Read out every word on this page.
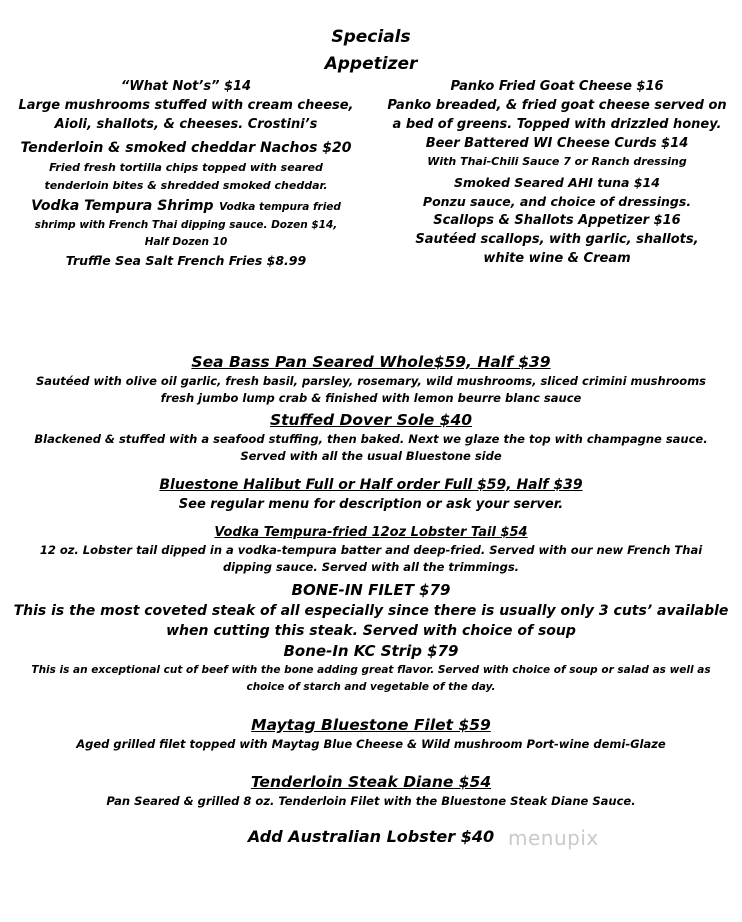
Specials
Appetizer
“What Not’s” $14
Large mushrooms stuffed with cream cheese,
Aioli, shallots, & cheeses. Crostini’s
Tenderloin & smoked cheddar Nachos $20
Fried fresh tortilla chips topped with seared
tenderloin bites & shredded smoked cheddar.
Vodka Tempura Shrimp Vodka tempura fried
shrimp with French Thai dipping sauce. Dozen $14,
Half Dozen 10
Truffle Sea Salt French Fries $8.99
Panko Fried Goat Cheese $16
Panko breaded, & fried goat cheese served on
a bed of greens. Topped with drizzled honey.
Beer Battered WI Cheese Curds $14
With Thai-Chili Sauce 7 or Ranch dressing
Smoked Seared AHI tuna $14
Ponzu sauce, and choice of dressings.
Scallops & Shallots Appetizer $16
Sautéed scallops, with garlic, shallots,
white wine & Cream
Sea Bass Pan Seared Whole$59, Half $39
Sautéed with olive oil garlic, fresh basil, parsley, rosemary, wild mushrooms, sliced crimini mushrooms
fresh jumbo lump crab & finished with lemon beurre blanc sauce
Stuffed Dover Sole $40
Blackened & stuffed with a seafood stuffing, then baked. Next we glaze the top with champagne sauce.
Served with all the usual Bluestone side
Bluestone Halibut Full or Half order Full $59, Half $39
See regular menu for description or ask your server.
Vodka Tempura-fried 12oz Lobster Tail $54
12 oz. Lobster tail dipped in a vodka-tempura batter and deep-fried. Served with our new French Thai
dipping sauce. Served with all the trimmings.
BONE-IN FILET $79
This is the most coveted steak of all especially since there is usually only 3 cuts’ available
when cutting this steak. Served with choice of soup
Bone-In KC Strip $79
This is an exceptional cut of beef with the bone adding great flavor. Served with choice of soup or salad as well as
choice of starch and vegetable of the day.
Maytag Bluestone Filet $59
Aged grilled filet topped with Maytag Blue Cheese & Wild mushroom Port-wine demi-Glaze
Tenderloin Steak Diane $54
Pan Seared & grilled 8 oz. Tenderloin Filet with the Bluestone Steak Diane Sauce.
Add Australian Lobster $40 menupix
